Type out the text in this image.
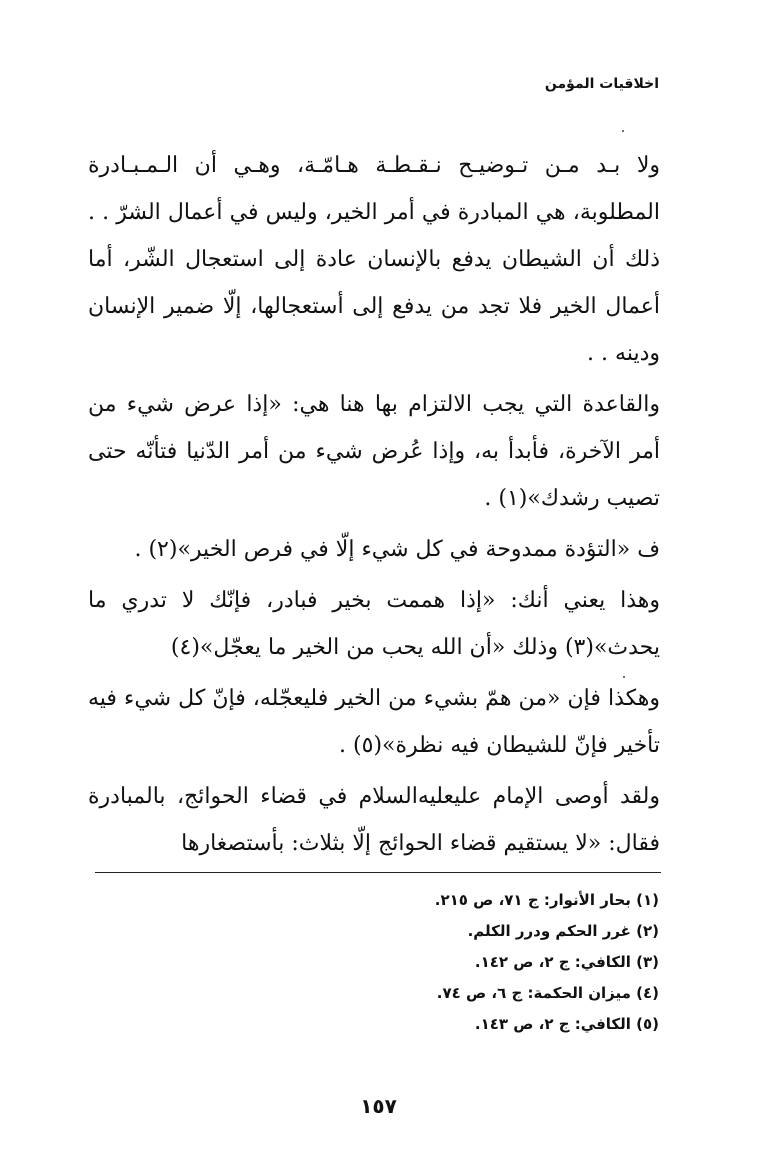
اخلاقيات المؤمن

ولا بـد مـن تـوضيـح نـقـطـة هـامّـة، وهـي أن الـمـبـادرة المطلوبة، هي المبادرة في أمر الخير، وليس في أعمال الشرّ . . ذلك أن الشيطان يدفع بالإنسان عادة إلى استعجال الشّر، أما أعمال الخير فلا تجد من يدفع إلى أستعجالها، إلّا ضمير الإنسان ودينه . .

والقاعدة التي يجب الالتزام بها هنا هي: «إذا عرض شيء من أمر الآخرة، فأبدأ به، وإذا عُرض شيء من أمر الدّنيا فتأنّه حتى تصيب رشدك»(١) .

ف «التؤدة ممدوحة في كل شيء إلّا في فرص الخير»(٢) .

وهذا يعني أنك: «إذا هممت بخير فبادر، فإنّك لا تدري ما يحدث»(٣) وذلك «أن الله يحب من الخير ما يعجّل»(٤)

وهكذا فإن «من همّ بشيء من الخير فليعجّله، فإنّ كل شيء فيه تأخير فإنّ للشيطان فيه نظرة»(٥) .

ولقد أوصى الإمام عليعليه‌السلام في قضاء الحوائج، بالمبادرة فقال: «لا يستقيم قضاء الحوائج إلّا بثلاث: بأستصغارها

(١) بحار الأنوار: ج ٧١، ص ٢١٥.
(٢) غرر الحكم ودرر الكلم.
(٣) الكافي: ج ٢، ص ١٤٢.
(٤) ميزان الحكمة: ج ٦، ص ٧٤.
(٥) الكافي: ج ٢، ص ١٤٣.
١٥٧
